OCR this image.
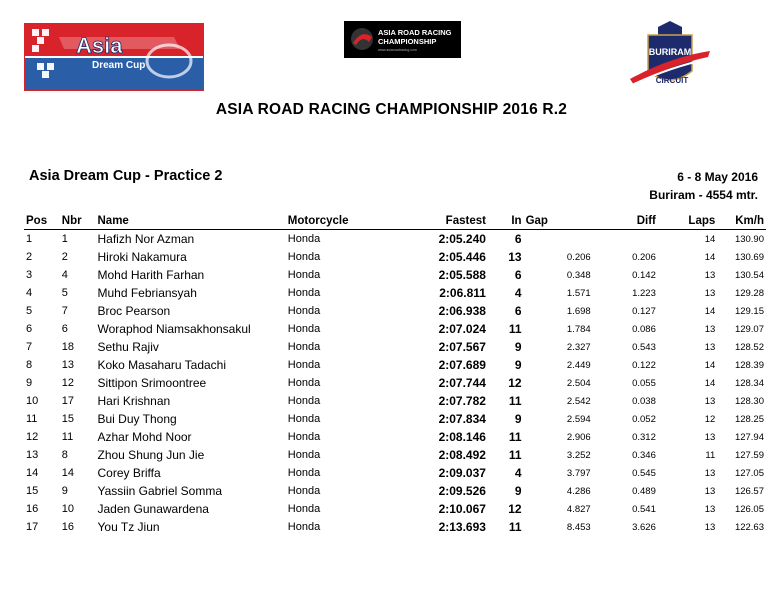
Asia
Dream Cup
ASIA ROAD RACING
CHAMPIONSHIP
www.asiaroadracing.com	BURIRAM
CIRCUIT
ASIA ROAD RACING CHAMPIONSHIP 2016 R.2
Asia Dream Cup - Practice 2	6 - 8 May 2016
Buriram - 4554 mtr.
Pos	Nbr	Name	Motorcycle	Fastest	In	Gap	Diff	Laps	Km/h
1	1	Hafizh Nor Azman	Honda	2:05.240	6			14	130.90
2	2	Hiroki Nakamura	Honda	2:05.446	13	0.206	0.206	14	130.69
3	4	Mohd Harith Farhan	Honda	2:05.588	6	0.348	0.142	13	130.54
4	5	Muhd Febriansyah	Honda	2:06.811	4	1.571	1.223	13	129.28
5	7	Broc Pearson	Honda	2:06.938	6	1.698	0.127	14	129.15
6	6	Woraphod Niamsakhonsakul	Honda	2:07.024	11	1.784	0.086	13	129.07
7	18	Sethu Rajiv	Honda	2:07.567	9	2.327	0.543	13	128.52
8	13	Koko Masaharu Tadachi	Honda	2:07.689	9	2.449	0.122	14	128.39
9	12	Sittipon Srimoontree	Honda	2:07.744	12	2.504	0.055	14	128.34
10	17	Hari Krishnan	Honda	2:07.782	11	2.542	0.038	13	128.30
11	15	Bui Duy Thong	Honda	2:07.834	9	2.594	0.052	12	128.25
12	11	Azhar Mohd Noor	Honda	2:08.146	11	2.906	0.312	13	127.94
13	8	Zhou Shung Jun Jie	Honda	2:08.492	11	3.252	0.346	11	127.59
14	14	Corey Briffa	Honda	2:09.037	4	3.797	0.545	13	127.05
15	9	Yassiin Gabriel Somma	Honda	2:09.526	9	4.286	0.489	13	126.57
16	10	Jaden Gunawardena	Honda	2:10.067	12	4.827	0.541	13	126.05
17	16	You Tz Jiun	Honda	2:13.693	11	8.453	3.626	13	122.63
